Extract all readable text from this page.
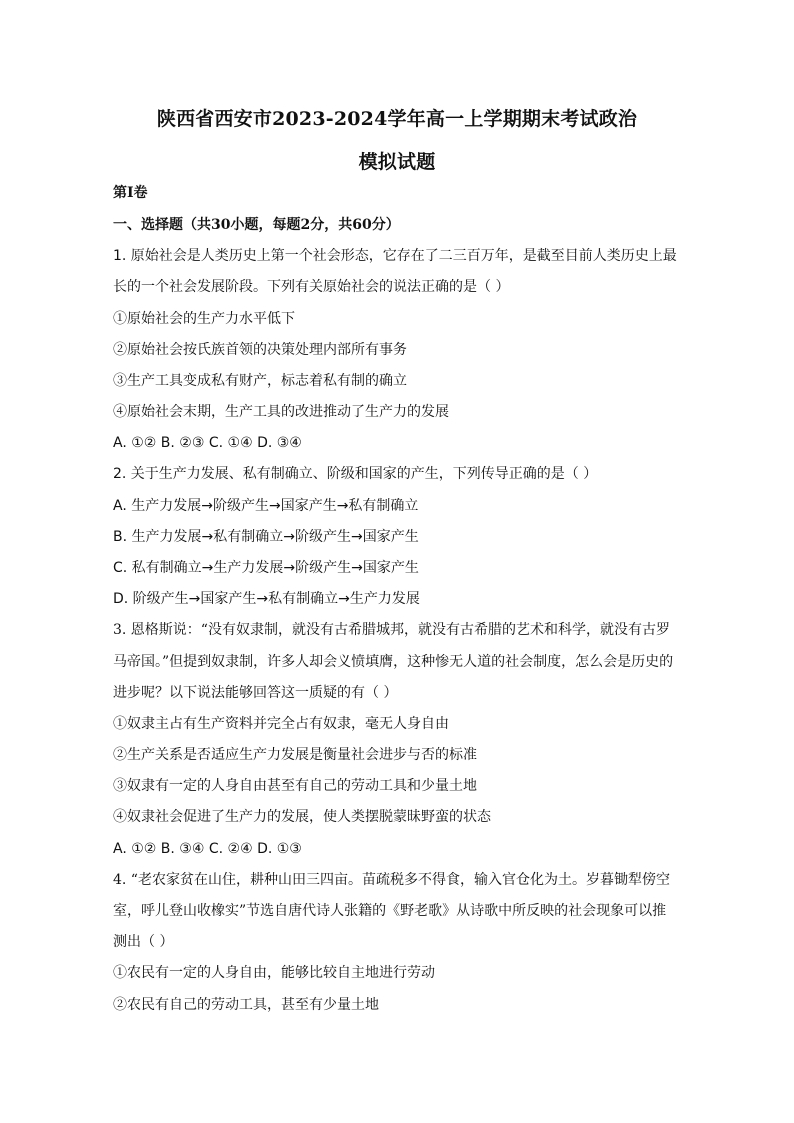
陕西省西安市2023-2024学年高一上学期期末考试政治
模拟试题
第Ⅰ卷
一、选择题（共30小题，每题2分，共60分）
1. 原始社会是人类历史上第一个社会形态，它存在了二三百万年，是截至目前人类历史上最
长的一个社会发展阶段。下列有关原始社会的说法正确的是（ ）
①原始社会的生产力水平低下
②原始社会按氏族首领的决策处理内部所有事务
③生产工具变成私有财产，标志着私有制的确立
④原始社会末期，生产工具的改进推动了生产力的发展
A. ①② B. ②③ C. ①④ D. ③④
2. 关于生产力发展、私有制确立、阶级和国家的产生，下列传导正确的是（ ）
A. 生产力发展→阶级产生→国家产生→私有制确立
B. 生产力发展→私有制确立→阶级产生→国家产生
C. 私有制确立→生产力发展→阶级产生→国家产生
D. 阶级产生→国家产生→私有制确立→生产力发展
3. 恩格斯说：“没有奴隶制，就没有古希腊城邦，就没有古希腊的艺术和科学，就没有古罗
马帝国。”但提到奴隶制，许多人却会义愤填膺，这种惨无人道的社会制度，怎么会是历史的
进步呢？以下说法能够回答这一质疑的有（ ）
①奴隶主占有生产资料并完全占有奴隶，毫无人身自由
②生产关系是否适应生产力发展是衡量社会进步与否的标准
③奴隶有一定的人身自由甚至有自己的劳动工具和少量土地
④奴隶社会促进了生产力的发展，使人类摆脱蒙昧野蛮的状态
A. ①② B. ③④ C. ②④ D. ①③
4. “老农家贫在山住，耕种山田三四亩。苗疏税多不得食，输入官仓化为土。岁暮锄犁傍空
室，呼儿登山收橡实”节选自唐代诗人张籍的《野老歌》从诗歌中所反映的社会现象可以推
测出（ ）
①农民有一定的人身自由，能够比较自主地进行劳动
②农民有自己的劳动工具，甚至有少量土地
